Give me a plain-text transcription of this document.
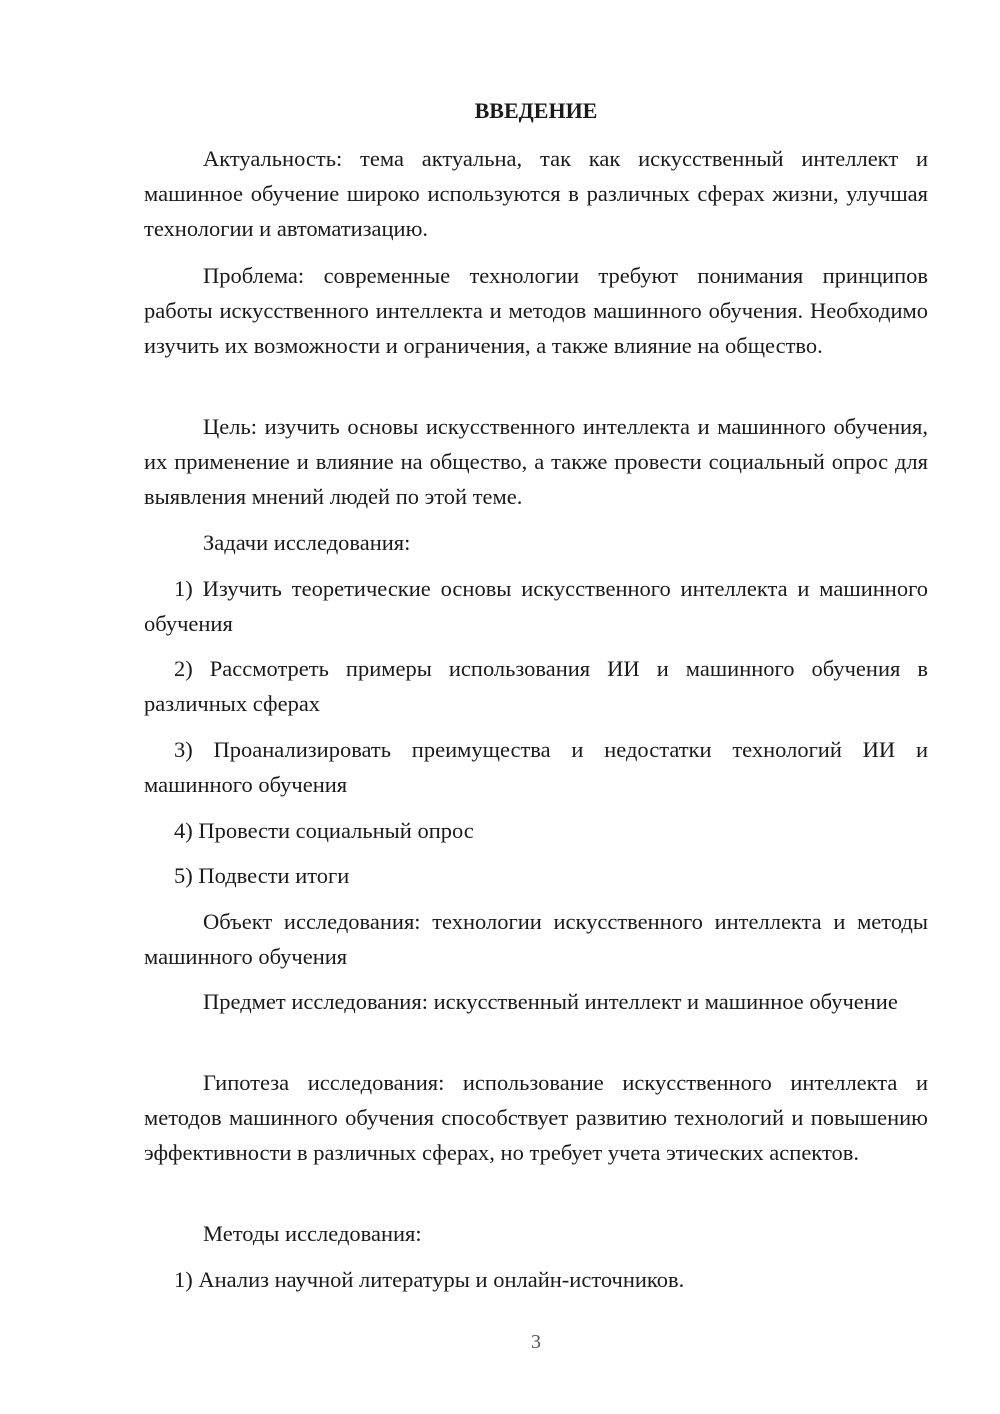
ВВЕДЕНИЕ

Актуальность: тема актуальна, так как искусственный интеллект и машинное обучение широко используются в различных сферах жизни, улучшая технологии и автоматизацию.

Проблема: современные технологии требуют понимания принципов работы искусственного интеллекта и методов машинного обучения. Необходимо изучить их возможности и ограничения, а также влияние на общество.

Цель: изучить основы искусственного интеллекта и машинного обучения, их применение и влияние на общество, а также провести социальный опрос для выявления мнений людей по этой теме.

Задачи исследования:

1) Изучить теоретические основы искусственного интеллекта и машинного обучения

2) Рассмотреть примеры использования ИИ и машинного обучения в различных сферах

3) Проанализировать преимущества и недостатки технологий ИИ и машинного обучения

4) Провести социальный опрос

5) Подвести итоги

Объект исследования: технологии искусственного интеллекта и методы машинного обучения

Предмет исследования: искусственный интеллект и машинное обучение

Гипотеза исследования: использование искусственного интеллекта и методов машинного обучения способствует развитию технологий и повышению эффективности в различных сферах, но требует учета этических аспектов.

Методы исследования:

1) Анализ научной литературы и онлайн-источников.

3
